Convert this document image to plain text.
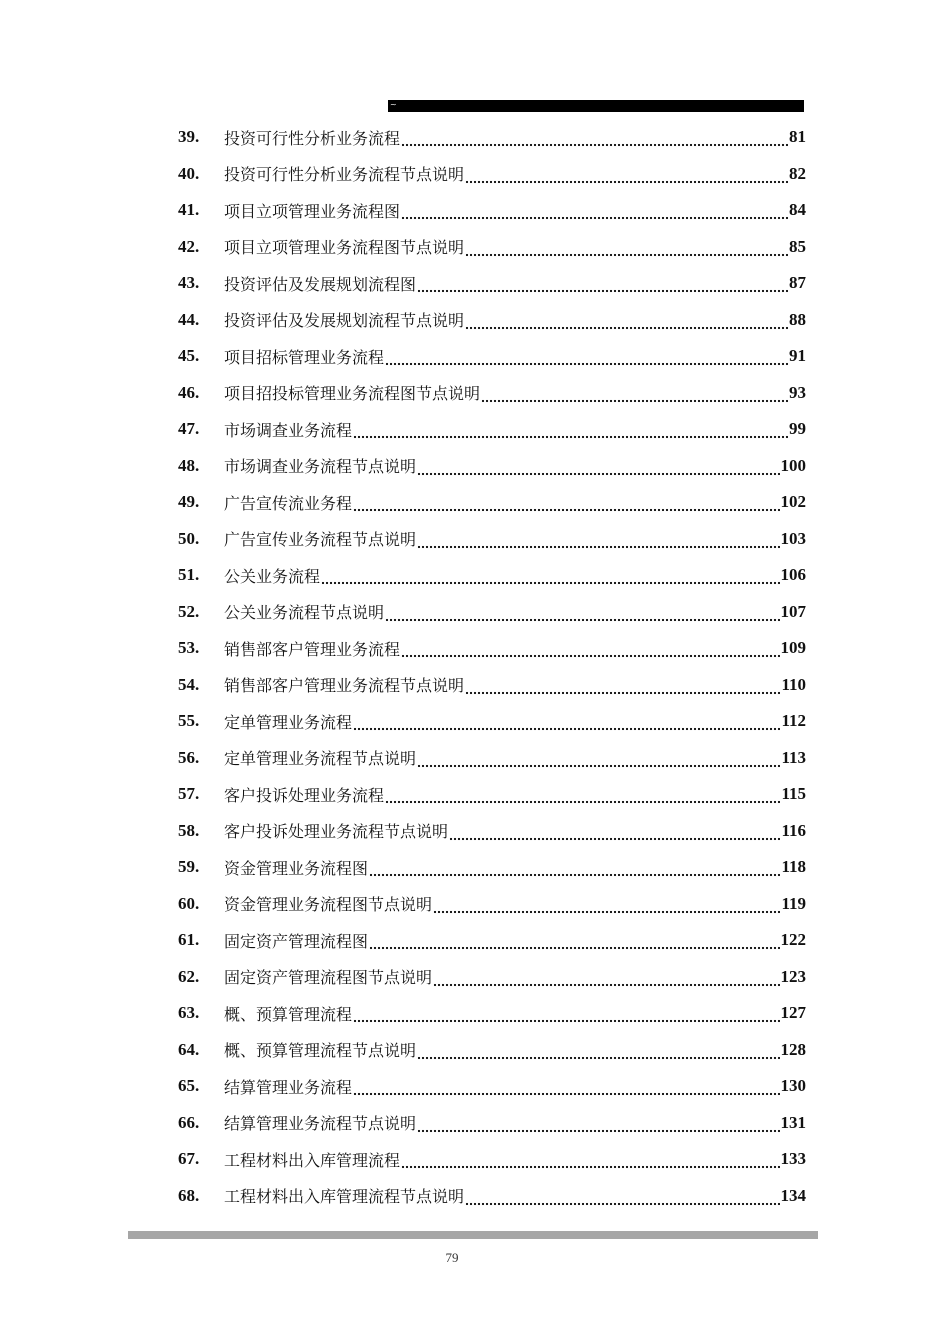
~
39.	投资可行性分析业务流程	81
40.	投资可行性分析业务流程节点说明	82
41.	项目立项管理业务流程图	84
42.	项目立项管理业务流程图节点说明	85
43.	投资评估及发展规划流程图	87
44.	投资评估及发展规划流程节点说明	88
45.	项目招标管理业务流程	91
46.	项目招投标管理业务流程图节点说明	93
47.	市场调查业务流程	99
48.	市场调查业务流程节点说明	100
49.	广告宣传流业务程	102
50.	广告宣传业务流程节点说明	103
51.	公关业务流程	106
52.	公关业务流程节点说明	107
53.	销售部客户管理业务流程	109
54.	销售部客户管理业务流程节点说明	110
55.	定单管理业务流程	112
56.	定单管理业务流程节点说明	113
57.	客户投诉处理业务流程	115
58.	客户投诉处理业务流程节点说明	116
59.	资金管理业务流程图	118
60.	资金管理业务流程图节点说明	119
61.	固定资产管理流程图	122
62.	固定资产管理流程图节点说明	123
63.	概、预算管理流程	127
64.	概、预算管理流程节点说明	128
65.	结算管理业务流程	130
66.	结算管理业务流程节点说明	131
67.	工程材料出入库管理流程	133
68.	工程材料出入库管理流程节点说明	134
79
